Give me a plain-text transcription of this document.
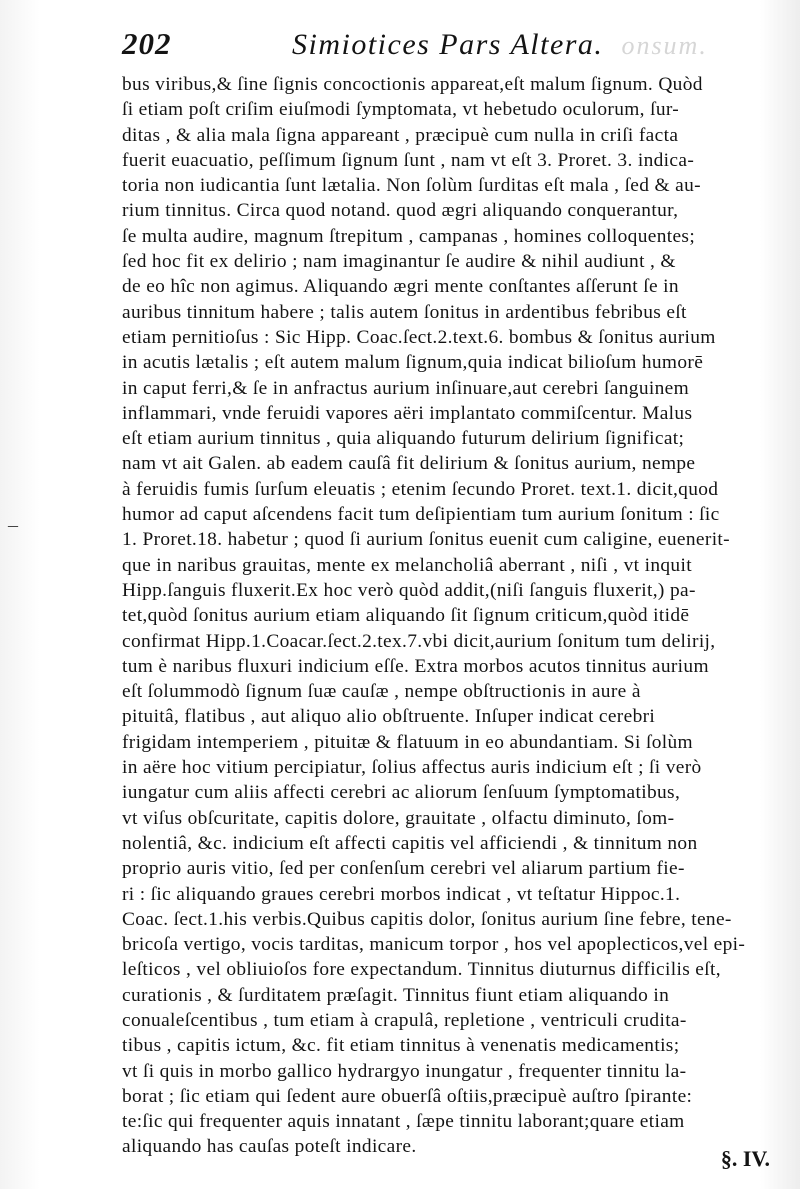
202	Simiotices Pars Altera. onsum.
bus viribus,& ſine ſignis concoctionis appareat,eſt malum ſignum. Quòd
ſi etiam poſt criſim eiuſmodi ſymptomata, vt hebetudo oculorum, ſur-
ditas , & alia mala ſigna appareant , præcipuè cum nulla in criſi facta
fuerit euacuatio, peſſimum ſignum ſunt , nam vt eſt 3. Proret. 3. indica-
toria non iudicantia ſunt lætalia. Non ſolùm ſurditas eſt mala , ſed & au-
rium tinnitus. Circa quod notand. quod ægri aliquando conquerantur,
ſe multa audire, magnum ſtrepitum , campanas , homines colloquentes;
ſed hoc fit ex delirio ; nam imaginantur ſe audire & nihil audiunt , &
de eo hîc non agimus. Aliquando ægri mente conſtantes aſſerunt ſe in
auribus tinnitum habere ; talis autem ſonitus in ardentibus febribus eſt
etiam pernitioſus : Sic Hipp. Coac.ſect.2.text.6. bombus & ſonitus aurium
in acutis lætalis ; eſt autem malum ſignum,quia indicat bilioſum humorē
in caput ferri,& ſe in anfractus aurium inſinuare,aut cerebri ſanguinem
inflammari, vnde feruidi vapores aëri implantato commiſcentur. Malus
eſt etiam aurium tinnitus , quia aliquando futurum delirium ſignificat;
nam vt ait Galen. ab eadem cauſâ fit delirium & ſonitus aurium, nempe
à feruidis fumis ſurſum eleuatis ; etenim ſecundo Proret. text.1. dicit,quod
humor ad caput aſcendens facit tum deſipientiam tum aurium ſonitum : ſic
1. Proret.18. habetur ; quod ſi aurium ſonitus euenit cum caligine, euenerit-
que in naribus grauitas, mente ex melancholiâ aberrant , niſi , vt inquit
Hipp.ſanguis fluxerit.Ex hoc verò quòd addit,(niſi ſanguis fluxerit,) pa-
tet,quòd ſonitus aurium etiam aliquando ſit ſignum criticum,quòd itidē
confirmat Hipp.1.Coacar.ſect.2.tex.7.vbi dicit,aurium ſonitum tum delirij,
tum è naribus fluxuri indicium eſſe. Extra morbos acutos tinnitus aurium
eſt ſolummodò ſignum ſuæ cauſæ , nempe obſtructionis in aure à
pituitâ, flatibus , aut aliquo alio obſtruente. Inſuper indicat cerebri
frigidam intemperiem , pituitæ & flatuum in eo abundantiam. Si ſolùm
in aëre hoc vitium percipiatur, ſolius affectus auris indicium eſt ; ſi verò
iungatur cum aliis affecti cerebri ac aliorum ſenſuum ſymptomatibus,
vt viſus obſcuritate, capitis dolore, grauitate , olfactu diminuto, ſom-
nolentiâ, &c. indicium eſt affecti capitis vel afficiendi , & tinnitum non
proprio auris vitio, ſed per conſenſum cerebri vel aliarum partium fie-
ri : ſic aliquando graues cerebri morbos indicat , vt teſtatur Hippoc.1.
Coac. ſect.1.his verbis.Quibus capitis dolor, ſonitus aurium ſine febre, tene-
bricoſa vertigo, vocis tarditas, manicum torpor , hos vel apoplecticos,vel epi-
leſticos , vel obliuioſos fore expectandum. Tinnitus diuturnus difficilis eſt,
curationis , & ſurditatem præſagit. Tinnitus fiunt etiam aliquando in
conualeſcentibus , tum etiam à crapulâ, repletione , ventriculi crudita-
tibus , capitis ictum, &c. fit etiam tinnitus à venenatis medicamentis;
vt ſi quis in morbo gallico hydrargyo inungatur , frequenter tinnitu la-
borat ; ſic etiam qui ſedent aure obuerſâ oſtiis,præcipuè auſtro ſpirante:
te:ſic qui frequenter aquis innatant , ſæpe tinnitu laborant;quare etiam
aliquando has cauſas poteſt indicare.
–
§. IV.
